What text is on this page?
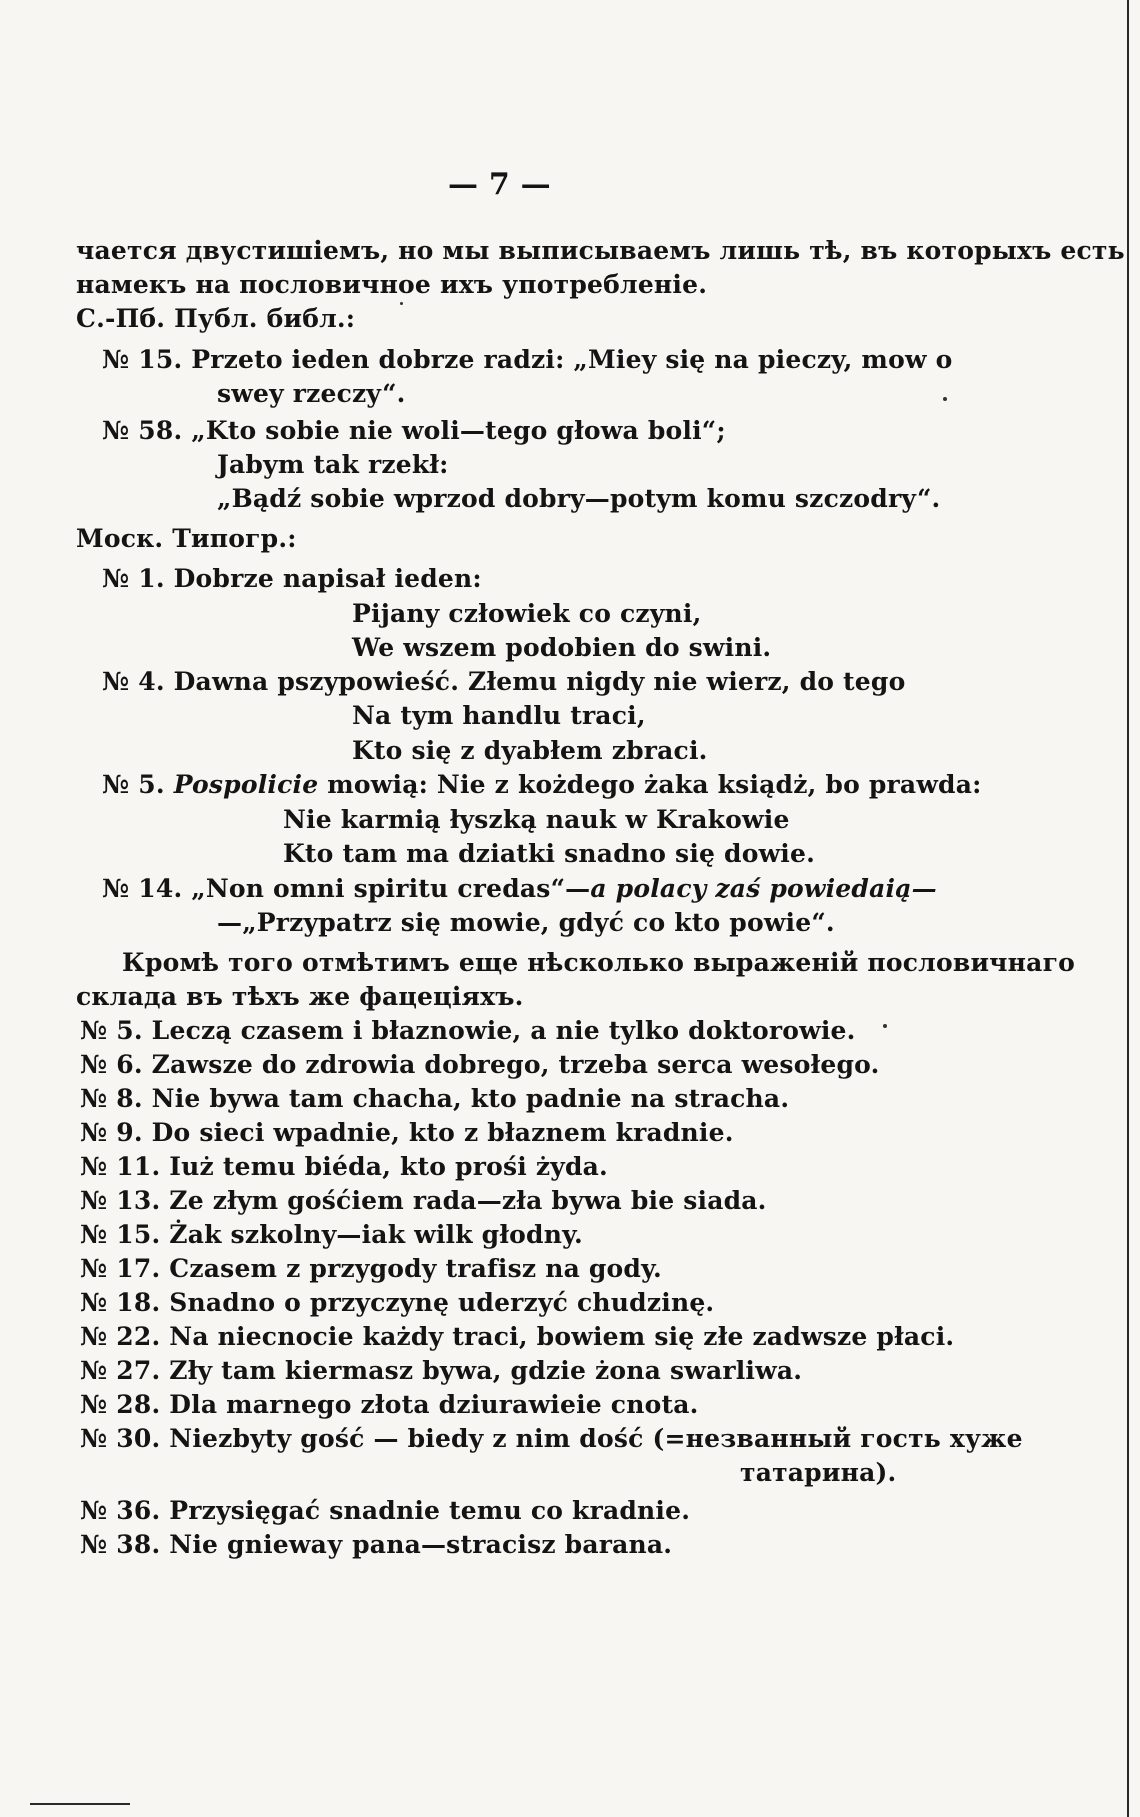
— 7 —
чается двустишіемъ, но мы выписываемъ лишь тѣ, въ которыхъ есть
намекъ на пословичное ихъ употребленіе.
С.-Пб. Публ. библ.:
№ 15. Przeto ieden dobrze radzi: „Miey się na pieczy, mow o
swey rzeczy“.
№ 58. „Kto sobie nie woli—tego głowa boli“;
Jabym tak rzekł:
„Bądź sobie wprzod dobry—potym komu szczodry“.
Моск. Типогр.:
№ 1. Dobrze napisał ieden:
Pijany człowiek co czyni,
We wszem podobien do swini.
№ 4. Dawna pszypowieść. Złemu nigdy nie wierz, do tego
Na tym handlu traci,
Kto się z dyabłem zbraci.
№ 5. Pospolicie mowią: Nie z kożdego żaka ksiądż, bo prawda:
Nie karmią łyszką nauk w Krakowie
Kto tam ma dziatki snadno się dowie.
№ 14. „Non omni spiritu credas“—a polacy zaś powiedaią—
—„Przypatrz się mowie, gdyć co kto powie“.
Кромѣ того отмѣтимъ еще нѣсколько выраженій пословичнаго
склада въ тѣхъ же фацеціяхъ.
№ 5. Leczą czasem i błaznowie, a nie tylko doktorowie.
№ 6. Zawsze do zdrowia dobrego, trzeba serca wesołego.
№ 8. Nie bywa tam chacha, kto padnie na stracha.
№ 9. Do sieci wpadnie, kto z błaznem kradnie.
№ 11. Iuż temu biéda, kto prośi żyda.
№ 13. Ze złym gośćiem rada—zła bywa bie siada.
№ 15. Żak szkolny—iak wilk głodny.
№ 17. Czasem z przygody trafisz na gody.
№ 18. Snadno o przyczynę uderzyć chudzinę.
№ 22. Na niecnocie każdy traci, bowiem się złe zadwsze płaci.
№ 27. Zły tam kiermasz bywa, gdzie żona swarliwa.
№ 28. Dla marnego złota dziurawieie cnota.
№ 30. Niezbyty gość — biedy z nim dość (=незванный гость хуже
татарина).
№ 36. Przysięgać snadnie temu co kradnie.
№ 38. Nie gniewaу pana—stracisz barana.
